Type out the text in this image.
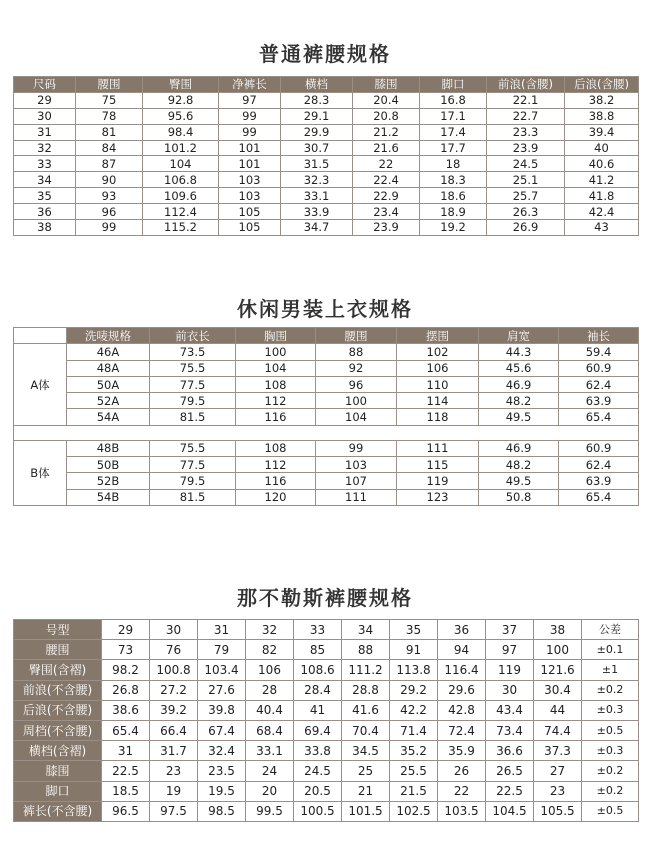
普通裤腰规格
尺码	腰围	臀围	净裤长	横档	膝围	脚口	前浪(含腰)	后浪(含腰)
29	75	92.8	97	28.3	20.4	16.8	22.1	38.2
30	78	95.6	99	29.1	20.8	17.1	22.7	38.8
31	81	98.4	99	29.9	21.2	17.4	23.3	39.4
32	84	101.2	101	30.7	21.6	17.7	23.9	40
33	87	104	101	31.5	22	18	24.5	40.6
34	90	106.8	103	32.3	22.4	18.3	25.1	41.2
35	93	109.6	103	33.1	22.9	18.6	25.7	41.8
36	96	112.4	105	33.9	23.4	18.9	26.3	42.4
38	99	115.2	105	34.7	23.9	19.2	26.9	43
休闲男装上衣规格
	洗唛规格	前衣长	胸围	腰围	摆围	肩宽	袖长
A体	46A	73.5	100	88	102	44.3	59.4
	48A	75.5	104	92	106	45.6	60.9
	50A	77.5	108	96	110	46.9	62.4
	52A	79.5	112	100	114	48.2	63.9
	54A	81.5	116	104	118	49.5	65.4

B体	48B	75.5	108	99	111	46.9	60.9
	50B	77.5	112	103	115	48.2	62.4
	52B	79.5	116	107	119	49.5	63.9
	54B	81.5	120	111	123	50.8	65.4
那不勒斯裤腰规格
号型	29	30	31	32	33	34	35	36	37	38	公差
腰围	73	76	79	82	85	88	91	94	97	100	±0.1
臀围(含褶)	98.2	100.8	103.4	106	108.6	111.2	113.8	116.4	119	121.6	±1
前浪(不含腰)	26.8	27.2	27.6	28	28.4	28.8	29.2	29.6	30	30.4	±0.2
后浪(不含腰)	38.6	39.2	39.8	40.4	41	41.6	42.2	42.8	43.4	44	±0.3
周档(不含腰)	65.4	66.4	67.4	68.4	69.4	70.4	71.4	72.4	73.4	74.4	±0.5
横档(含褶)	31	31.7	32.4	33.1	33.8	34.5	35.2	35.9	36.6	37.3	±0.3
膝围	22.5	23	23.5	24	24.5	25	25.5	26	26.5	27	±0.2
脚口	18.5	19	19.5	20	20.5	21	21.5	22	22.5	23	±0.2
裤长(不含腰)	96.5	97.5	98.5	99.5	100.5	101.5	102.5	103.5	104.5	105.5	±0.5
